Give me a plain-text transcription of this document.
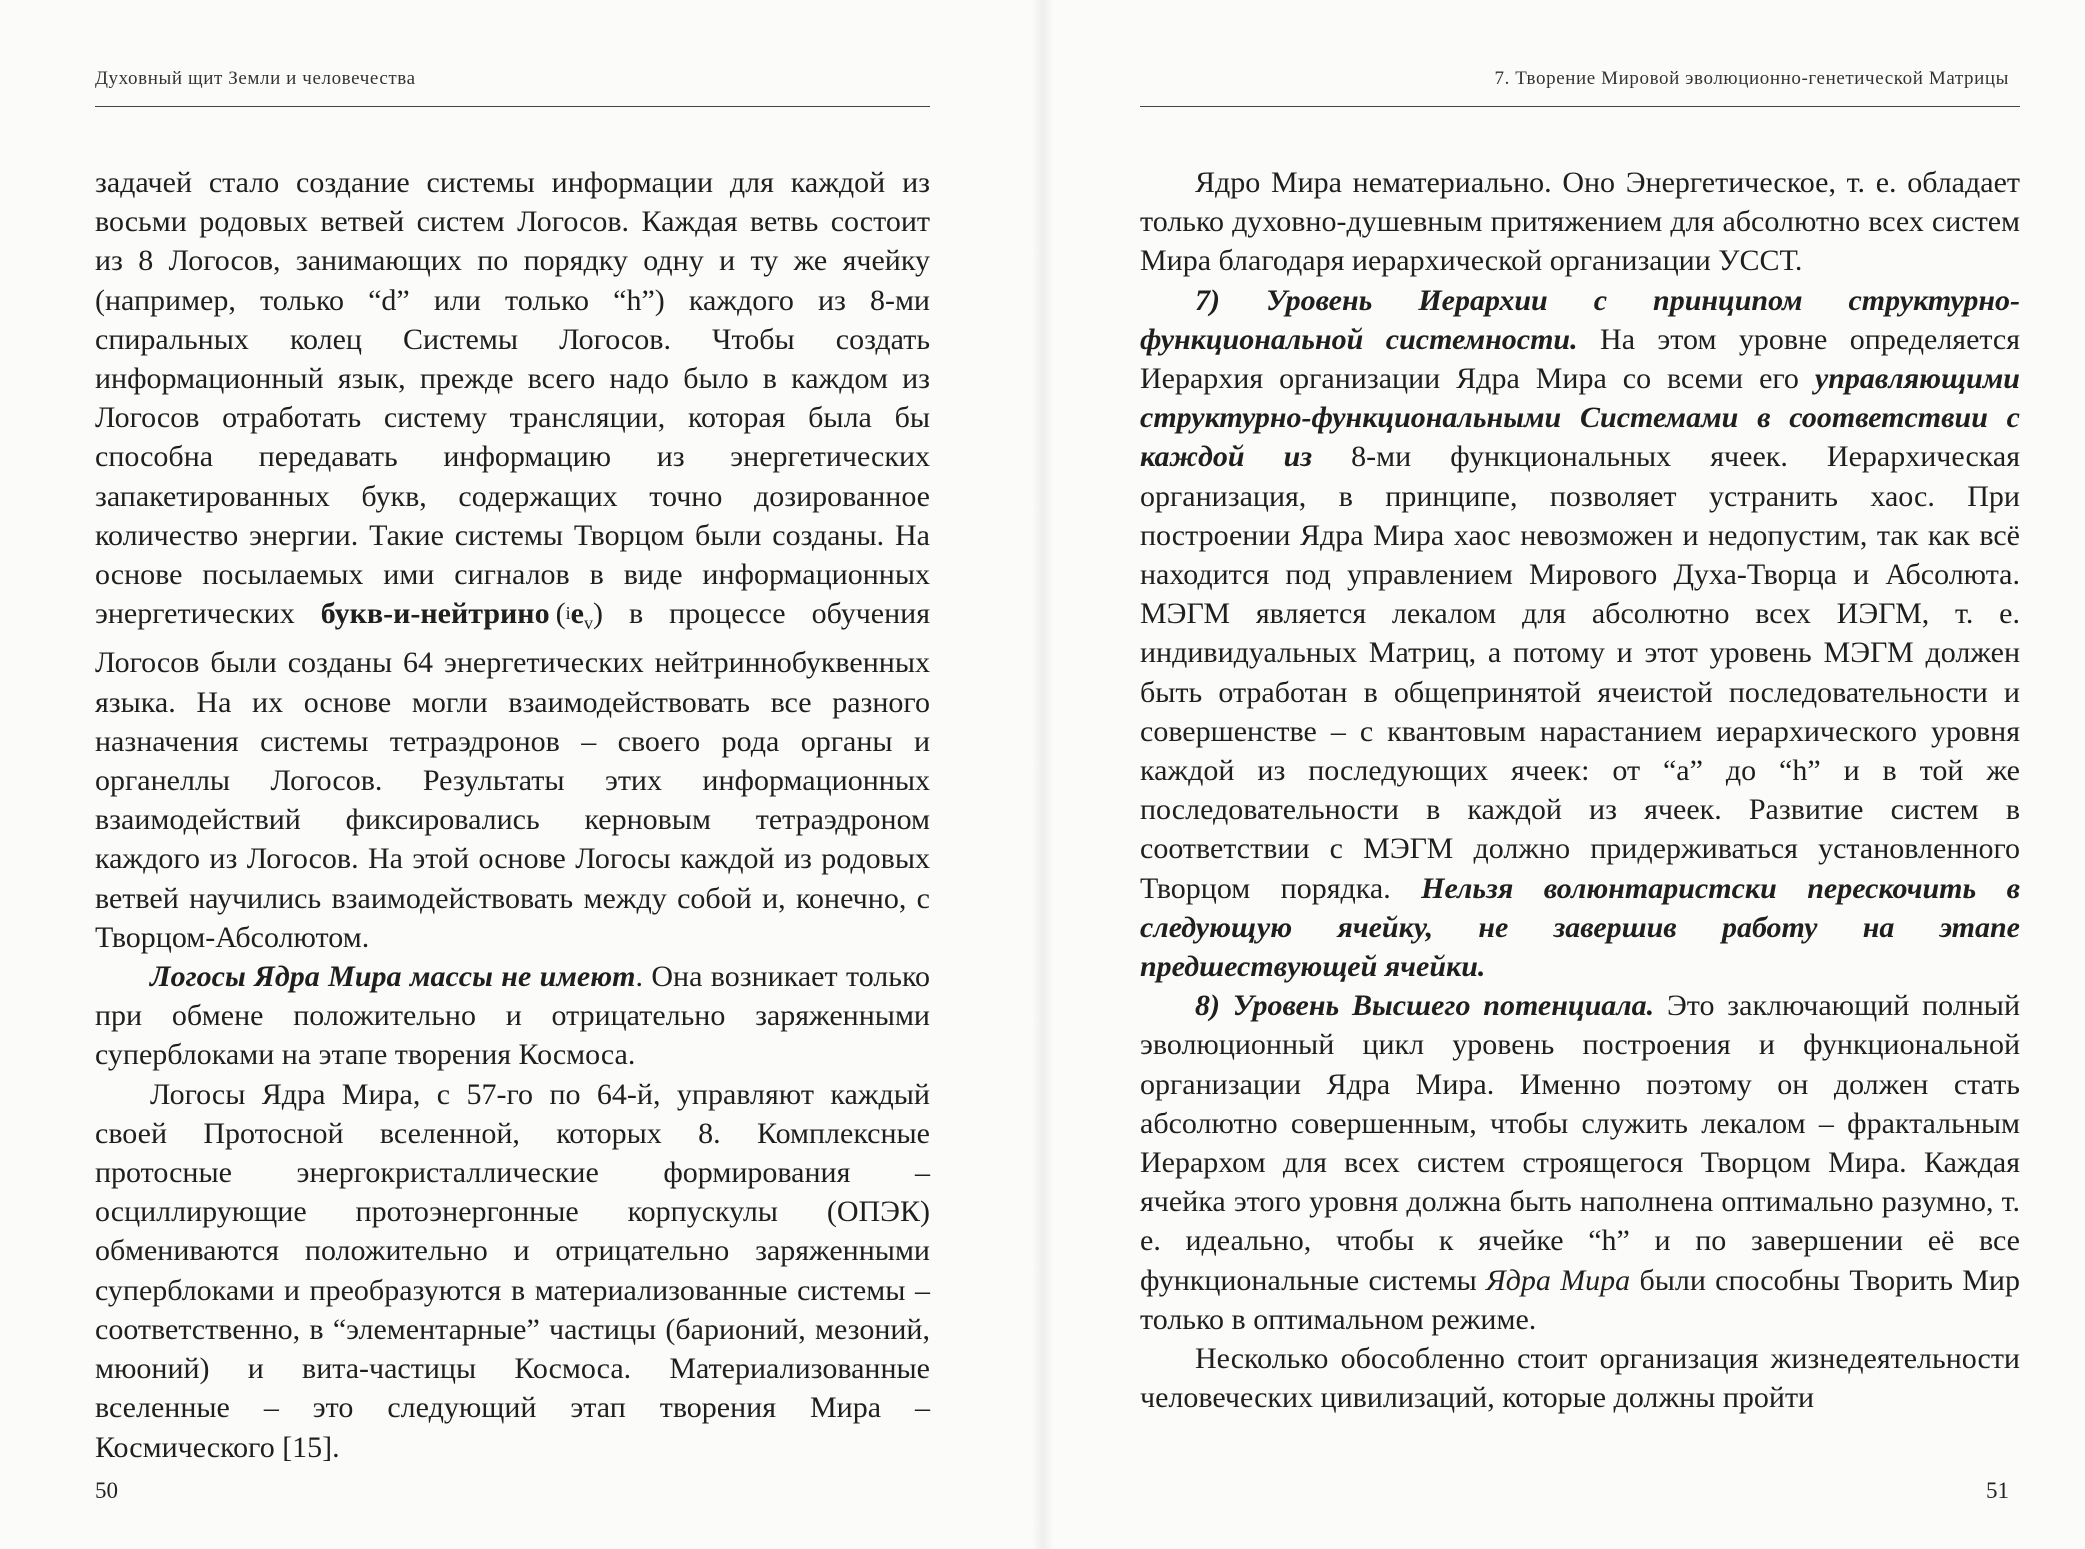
Духовный щит Земли и человечества

задачей стало создание системы информации для каждой из восьми родовых ветвей систем Логосов. Каждая ветвь состоит из 8 Логосов, занимающих по порядку одну и ту же ячейку (например, только “d” или только “h”) каждого из 8-ми спиральных колец Системы Логосов. Чтобы создать информационный язык, прежде всего надо было в каждом из Логосов отработать систему трансляции, которая была бы способна передавать информацию из энергетических запакетированных букв, содержащих точно дозированное количество энергии. Такие системы Творцом были созданы. На основе посылаемых ими сигналов в виде информационных энергетических букв-и-нейтрино  $(^ie_v)$ в процессе обучения Логосов были созданы 64 энергетических нейтриннобуквенных языка. На их основе могли взаимодействовать все разного назначения системы тетраэдронов – своего рода органы и органеллы Логосов. Результаты этих информационных взаимодействий фиксировались керновым тетраэдроном каждого из Логосов. На этой основе Логосы каждой из родовых ветвей научились взаимодействовать между собой и, конечно, с Творцом-Абсолютом.

Логосы Ядра Мира массы не имеют. Она возникает только при обмене положительно и отрицательно заряженными суперблоками на этапе творения Космоса.

Логосы Ядра Мира, с 57-го по 64-й, управляют каждый своей Протосной вселенной, которых 8. Комплексные протосные энергокристаллические формирования – осциллирующие протоэнергонные корпускулы (ОПЭК) обмениваются положительно и отрицательно заряженными суперблоками и преобразуются в материализованные системы – соответственно, в “элементарные” частицы (барионий, мезоний, мюоний) и вита-частицы Космоса. Материализованные вселенные – это следующий этап творения Мира – Космического [15].

50
7. Творение Мировой эволюционно-генетической Матрицы

Ядро Мира нематериально. Оно Энергетическое, т. е. обладает только духовно-душевным притяжением для абсолютно всех систем Мира благодаря иерархической организации УССТ.

7) Уровень Иерархии с принципом структурно-функциональной системности. На этом уровне определяется Иерархия организации Ядра Мира со всеми его управляющими структурно-функциональными Системами в соответствии с каждой из 8-ми функциональных ячеек. Иерархическая организация, в принципе, позволяет устранить хаос. При построении Ядра Мира хаос невозможен и недопустим, так как всё находится под управлением Мирового Духа-Творца и Абсолюта. МЭГМ является лекалом для абсолютно всех ИЭГМ, т. е. индивидуальных Матриц, а потому и этот уровень МЭГМ должен быть отработан в общепринятой ячеистой последовательности и совершенстве – с квантовым нарастанием иерархического уровня каждой из последующих ячеек: от “a” до “h” и в той же последовательности в каждой из ячеек. Развитие систем в соответствии с МЭГМ должно придерживаться установленного Творцом порядка. Нельзя волюнтаристски перескочить в следующую ячейку, не завершив работу на этапе предшествующей ячейки.

8) Уровень Высшего потенциала. Это заключающий полный эволюционный цикл уровень построения и функциональной организации Ядра Мира. Именно поэтому он должен стать абсолютно совершенным, чтобы служить лекалом – фрактальным Иерархом для всех систем строящегося Творцом Мира. Каждая ячейка этого уровня должна быть наполнена оптимально разумно, т. е. идеально, чтобы к ячейке “h” и по завершении её все функциональные системы Ядра Мира были способны Творить Мир только в оптимальном режиме.

Несколько обособленно стоит организация жизнедеятельности человеческих цивилизаций, которые должны пройти

51
